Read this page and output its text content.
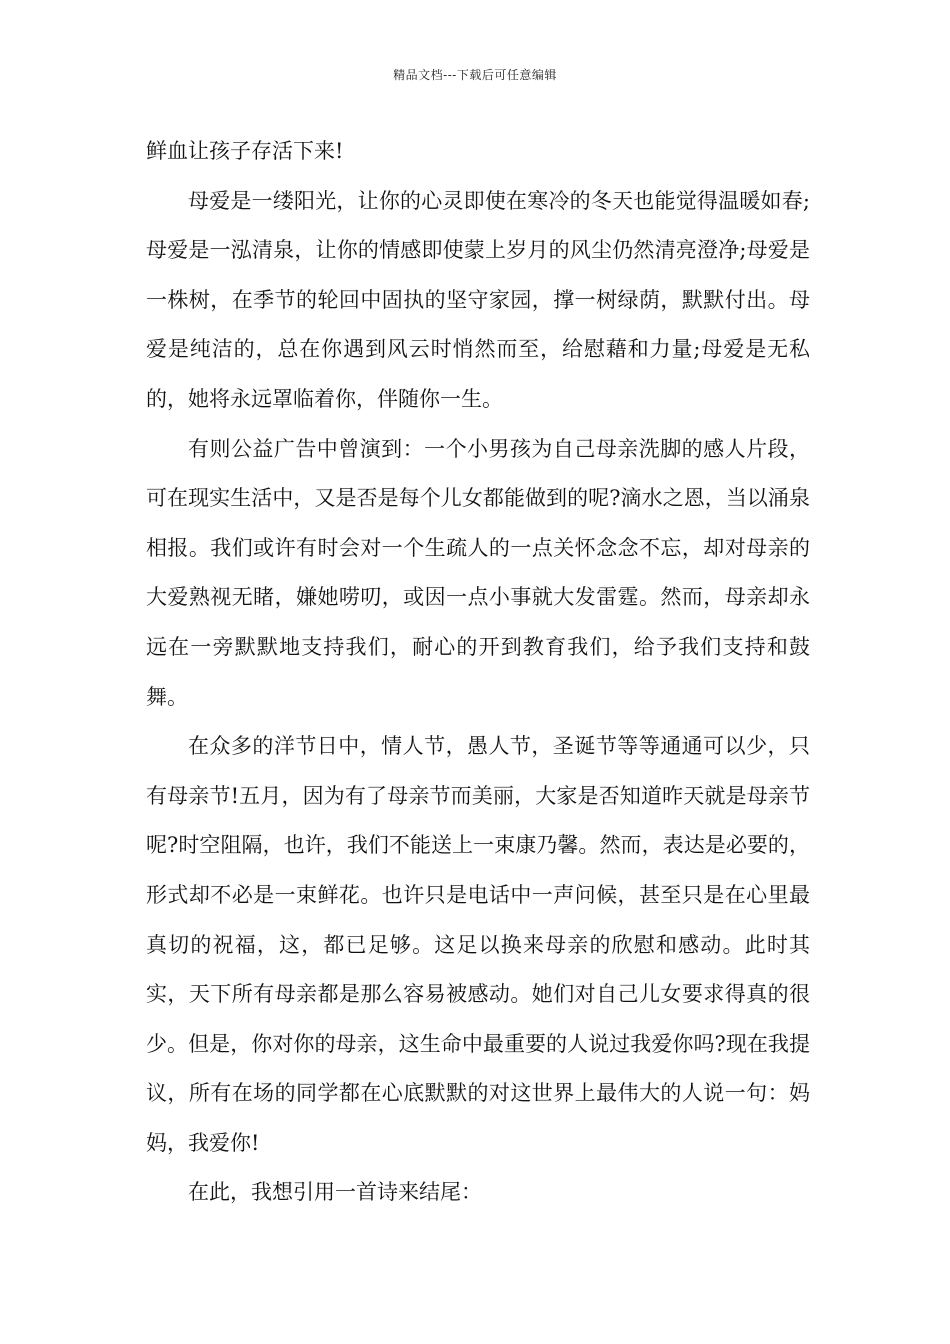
精品文档---下载后可任意编辑

鲜血让孩子存活下来!

母爱是一缕阳光，让你的心灵即使在寒冷的冬天也能觉得温暖如春;母爱是一泓清泉，让你的情感即使蒙上岁月的风尘仍然清亮澄净;母爱是一株树，在季节的轮回中固执的坚守家园，撑一树绿荫，默默付出。母爱是纯洁的，总在你遇到风云时悄然而至，给慰藉和力量;母爱是无私的，她将永远罩临着你，伴随你一生。

有则公益广告中曾演到：一个小男孩为自己母亲洗脚的感人片段，可在现实生活中，又是否是每个儿女都能做到的呢?滴水之恩，当以涌泉相报。我们或许有时会对一个生疏人的一点关怀念念不忘，却对母亲的大爱熟视无睹，嫌她唠叨，或因一点小事就大发雷霆。然而，母亲却永远在一旁默默地支持我们，耐心的开到教育我们，给予我们支持和鼓舞。

在众多的洋节日中，情人节，愚人节，圣诞节等等通通可以少，只有母亲节!五月，因为有了母亲节而美丽，大家是否知道昨天就是母亲节呢?时空阻隔，也许，我们不能送上一束康乃馨。然而，表达是必要的，形式却不必是一束鲜花。也许只是电话中一声问候，甚至只是在心里最真切的祝福，这，都已足够。这足以换来母亲的欣慰和感动。此时其实，天下所有母亲都是那么容易被感动。她们对自己儿女要求得真的很少。但是，你对你的母亲，这生命中最重要的人说过我爱你吗?现在我提议，所有在场的同学都在心底默默的对这世界上最伟大的人说一句：妈妈，我爱你!

在此，我想引用一首诗来结尾：
